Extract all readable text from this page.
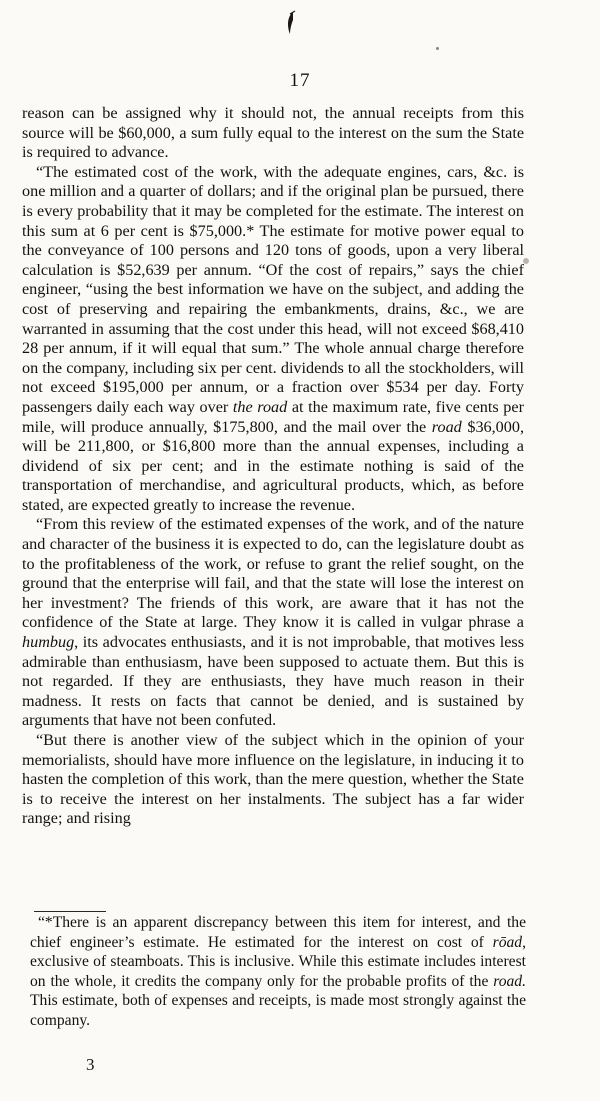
17

reason can be assigned why it should not, the annual receipts from this source will be $60,000, a sum fully equal to the interest on the sum the State is required to advance.

“The estimated cost of the work, with the adequate engines, cars, &c. is one million and a quarter of dollars; and if the original plan be pursued, there is every probability that it may be completed for the estimate. The interest on this sum at 6 per cent is $75,000.* The estimate for motive power equal to the conveyance of 100 persons and 120 tons of goods, upon a very liberal calculation is $52,639 per annum. “Of the cost of repairs,” says the chief engineer, “using the best information we have on the subject, and adding the cost of preserving and repairing the embankments, drains, &c., we are warranted in assuming that the cost under this head, will not exceed $68,410 28 per annum, if it will equal that sum.” The whole annual charge therefore on the company, including six per cent. dividends to all the stockholders, will not exceed $195,000 per annum, or a fraction over $534 per day. Forty passengers daily each way over the road at the maximum rate, five cents per mile, will produce annually, $175,800, and the mail over the road $36,000, will be 211,800, or $16,800 more than the annual expenses, including a dividend of six per cent; and in the estimate nothing is said of the transportation of merchandise, and agricultural products, which, as before stated, are expected greatly to increase the revenue.

“From this review of the estimated expenses of the work, and of the nature and character of the business it is expected to do, can the legislature doubt as to the profitableness of the work, or refuse to grant the relief sought, on the ground that the enterprise will fail, and that the state will lose the interest on her investment? The friends of this work, are aware that it has not the confidence of the State at large. They know it is called in vulgar phrase a humbug, its advocates enthusiasts, and it is not improbable, that motives less admirable than enthusiasm, have been supposed to actuate them. But this is not regarded. If they are enthusiasts, they have much reason in their madness. It rests on facts that cannot be denied, and is sustained by arguments that have not been confuted.

“But there is another view of the subject which in the opinion of your memorialists, should have more influence on the legislature, in inducing it to hasten the completion of this work, than the mere question, whether the State is to receive the interest on her instalments. The subject has a far wider range; and rising

“*There is an apparent discrepancy between this item for interest, and the chief engineer’s estimate. He estimated for the interest on cost of rōad, exclusive of steamboats. This is inclusive. While this estimate includes interest on the whole, it credits the company only for the probable profits of the road. This estimate, both of expenses and receipts, is made most strongly against the company.

3
